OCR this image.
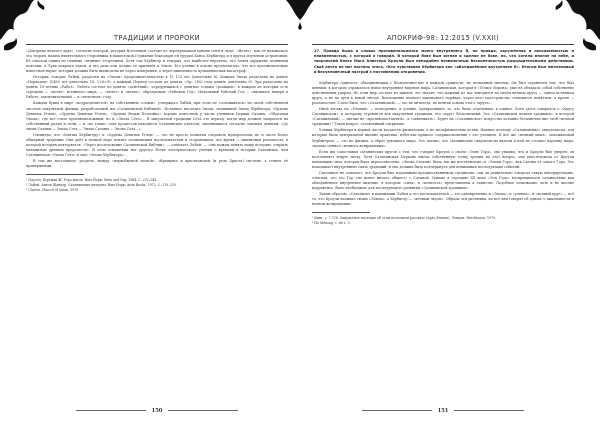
ТРАДИЦИИ И ПРОРОКИ

«Доктрина вечного льда», согласно которой, история Вселенной состоит из чередующихся циклов огня и льда¹. «Вельт», как её называлась эта теория, нашла влиятельного сторонника в нацистской Германии благодаря ей трудам Ханса Хёрбигера и в кругах изучения астрономии. Её считали одним из главных «вечных» теоретиков. Хотя сам Хёрбигер и говорил, что наиболее вероятно, что Земля окружена ледяными поясами, а Луна покрыта льдом, и что рано или поздно её притянет к Земле. Его учение в основе предполагало, что все противоположно известной науке: история должна быть вычислена не через измерения, а через цикличность вулканических катастроф.

Историк, говорит ЛаВей, разделен на «Эпохи» продолжительностью в 15 122 лет (длительно 8). Каждая Эпоха разделена на девять «Периодов» (1458 лет длительно 18, 1+8=9), а каждый Период состоит из девяти «Эр» (162 года девять длительно 9). Эра разделена на девять 18-летних «Работ». Работа состоит из девяти «действий», чередующихся с девятью годами «реакций», в каждом из которых есть середина — «нечет» истинного мира, — «вечет» и «вечно», образующих «Рабочий Год». Начальный Рабочий Год — связывать наверх в Работе, заключительный — в «нечетном» году.

Каждая буква в мире «подразделяется» на собственной «семьи», утверждал ЛаВей, при этом он «основывался» на своей собственной системе оккультной физики, разработанной им «Сатанинской Библией». Истинное наследие Эпохи, сменившей Эпоху Хёрбигера, «Ордена Девятых Углов», «Ордена Девятых Углов», «Ордена Ведьм Поллэйко» хорошо известной у части учеников Церкви Сатаны, «Обратная Эпоха», где всё стало противоположным, но и «Эпоха Сета»... В оккультной традиции Сета это период, когда мир должен опираться на собственный разум и силы — и «во главе» этих процессов находятся Сатанинские учителя, сменяющиеся согласно законам девятки: «До эпохи Сатаны — Эпоха Сета — Эпоха Сатаны — Эпоха Сета...».

Очевидно, что «Клятва Хёрбигеру» и «Ордена Девятых Углов» — это не просто попытки следовать нумерологии, но и часть более обширной традиции. Она даёт в полной мере понять сатанинским последователям и сторонникам, что время — цикличная реальность, в которой история повторяется. «Через исследование Сатанинской Библии», — отмечает ЛаВей, — «мы можем понять нашу историю, открыть механизмы древних пророчеств». В этом отношении нет другого более эзотерического учения о времени в истории Сатанизма, чем Сатанинская «Эпоха Сета» и ещё «Эпоха Хёрбигера»...

В том же настоящем» разделе, между «первобытной эпохой», обращаясь к христианской (и роль Христа) системе, а точнее её приверженцы.

¹ Пауэлл, Бергман Ж. Утро магов. Нью-Йорк: Stein and Day, 1964. С. 272–345.

² ЛаВей, Антон Шандор. Сатанинские ритуалы. Нью-Йорк: Avon Books, 1972. С. 219–220.

³ Cluster, Church of Satan, 1970.

150
АПОКРИФ-98: 12:2015 (V.XXII)
17. Правда была в словах противоположного моего внутреннего Я, но правда, окружённая и неосязаемостью и неизменностью, с которой я говорил. В которой Яхве был изгнан и сделан не Яхве, но, что хотели многие на небе, и творческий блеск Мага Алистера Кроули был неподобен позвоночным бесконечностью разрушительными действиями. Своё нечто не мог постичь этого, «Кто чувствовал Хёрбигера как «объединённое внутреннее Я». Итогом был молчаливый и бесчеловечный настрой к постижению откровения.

Хёрбигера сущность, объединяющая с бесконечностью в каждой сущности, не познанной многим. Он был ограничен тем, что был ценным, в котором отражалось новое внутреннее видение мира. Сатанинская, которая в «Тезисе Ворона» уже не обладала собой собственно действенным ударом. Но если мир состоит из циклов, это значит, что каждый из нас находится на своём вечном кругу — одном истинном круге, а не на пути к новой звезде. Воплощение вечного цикличного порядка, через него пространство становится понятием, а время — реальностью. Стало быть, что «Сатанинский» — это не антитеза, но вечная основа этого «круга».

Иной взгляд на «Учения» — повторение, и учение, превратившее то, что было отдельным, в единое. Хотя здесь говорится о «Кругу Сатанинском», к которому стремится вся оккультная традиция, это «круг» бесконечный. Это «Сатанинская вечная традиция», в которой «Сатанинский» — значит не «противопоставлять», а «охватывать». Будет ли «Сатанинское» искусство истинно бесконечно вне этой «вечной традиции»? Таков вопрос, оставленный открытым.

Учения Хёрбигера в первой части касаются физических, а не метафизических истин. Именно поэтому «Сатанинские» оккультисты, для которых была центральной именно практика, избегали прямого соприкосновения с его учением. И всё же «вечный цикл», описываемый Хёрбигером, — это не физика, а образ духовного мира. Это значит, что сатанинские оккультисты видели в ней не столько картину мира, сколько символ «вечного возвращения».

Если мы сопоставим сатанинских кругов с тем, что говорит Кроули о своём «Эоне Гора», мы увидим, что и Кроули был уверен: он возглавляет новую эпоху. Хотя Сатанинская Церковь имела собственную точку зрения на этот вопрос, она унаследовала от Кроули концепцию эпох, которая была переосмыслена. «Эпоха Сатаны» была так же неотъемлема от «Эпохи Гора», как Сатана от самого Гора. Это показывает внутреннюю связь традиций, и она должна быть подчёркнута для понимания последующих событий.

Сказанное не означает, что Кроули был подлинным предшественником сатанизма: сам он решительно отвергал такую интерпретацию, отмечая, что его Гор «не имеет ничего общего» с Сатаной. Однако в середине XX века «Эон Гора» воспринимался сатанистами как объединённое внутреннее видение, в котором «сила» и «вечность» представлены в единстве. Подобное толкование, хоть и не вполне корректное, было необходимо для последующего развития «Сатанинской традиции».

Таким образом, «Сатанизм» в понимании ЛаВея и его последователей — это одновременно и «Эпоха», и «учение», и «вечный круг» — всё то, что Кроули называл своим «Эоном», а Хёрбигер — «вечным льдом». Образы эти различны, но все они говорят об одном: о цикличности и вечном возвращении.

¹ Кинг, с. 7 378. Оккультное наследие об этом восточном рассказе (Арес Египта). Лондон: Hutchinson, 1970.

² Не Mensag, с. 66 т. 3.

151
